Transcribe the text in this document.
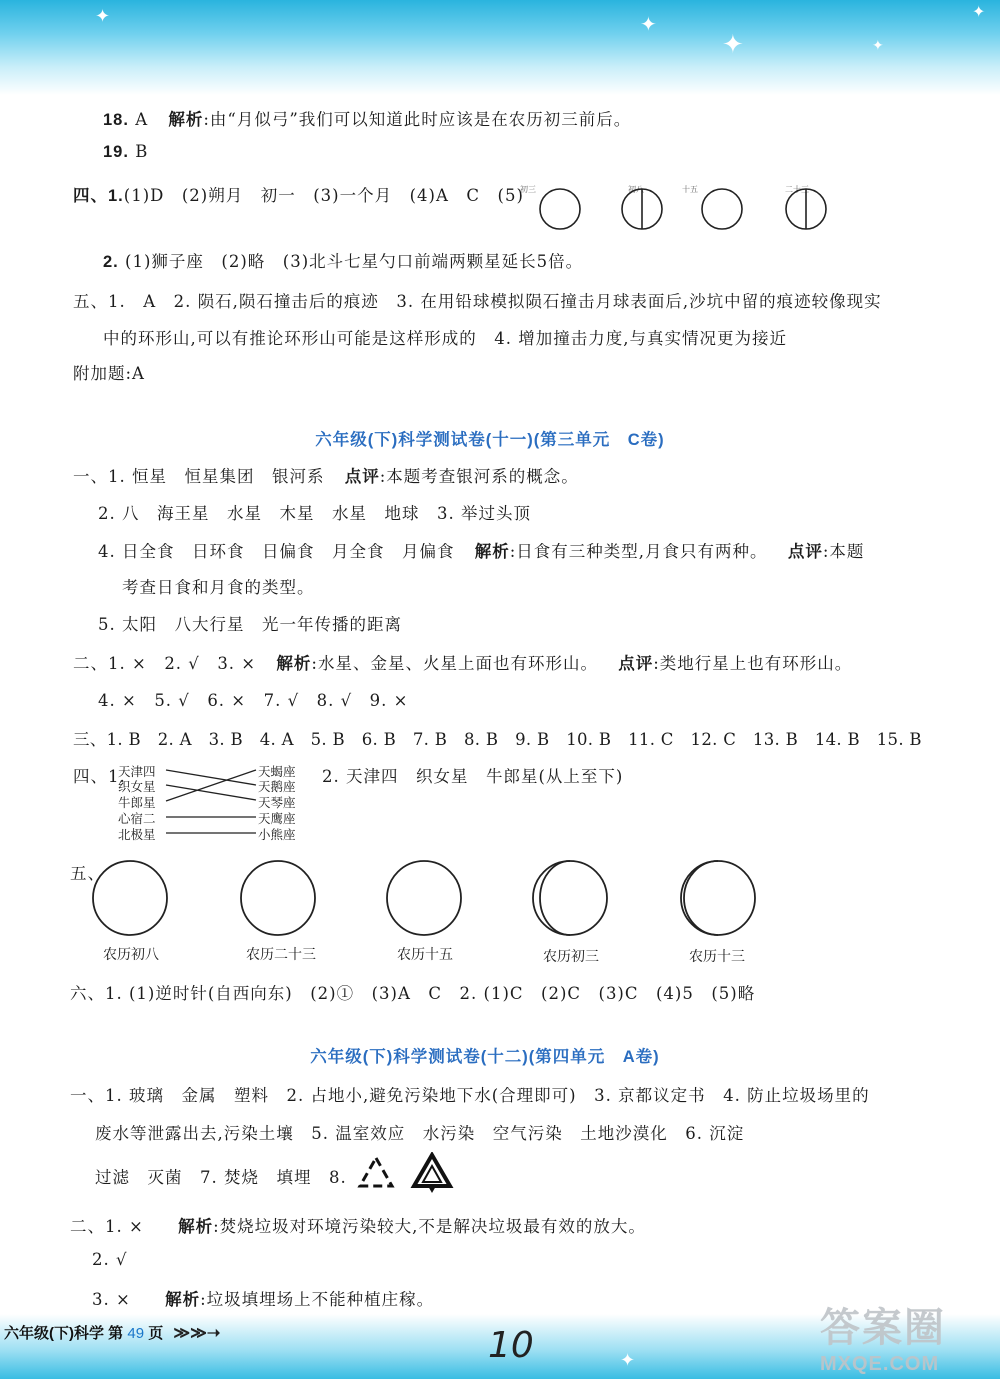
✦	✦
✦
✦
✦
✦
18. A 解析:由“月似弓”我们可以知道此时应该是在农历初三前后。
19. B
四、1.(1)D　(2)朔月　初一　(3)一个月　(4)A　C　(5)
初三	初八	十五	二十三
2. (1)狮子座　(2)略　(3)北斗七星勺口前端两颗星延长5倍。
五、1.　A　2. 陨石,陨石撞击后的痕迹　3. 在用铅球模拟陨石撞击月球表面后,沙坑中留的痕迹较像现实
中的环形山,可以有推论环形山可能是这样形成的　4. 增加撞击力度,与真实情况更为接近
附加题:A
六年级(下)科学测试卷(十一)(第三单元　C卷)
一、1. 恒星　恒星集团　银河系 点评:本题考查银河系的概念。
2. 八　海王星　水星　木星　水星　地球　3. 举过头顶
4. 日全食　日环食　日偏食　月全食　月偏食 解析:日食有三种类型,月食只有两种。 点评:本题
考查日食和月食的类型。
5. 太阳　八大行星　光一年传播的距离
二、1. ×　2. √　3. × 解析:水星、金星、火星上面也有环形山。 点评:类地行星上也有环形山。
4. ×　5. √　6. ×　7. √　8. √　9. ×
三、1. B　2. A　3. B　4. A　5. B　6. B　7. B　8. B　9. B　10. B　11. C　12. C　13. B　14. B　15. B
四、1.
天津四
织女星
牛郎星
心宿二
北极星
天蝎座
天鹅座
天琴座
天鹰座
小熊座
2. 天津四　织女星　牛郎星(从上至下)
五、
农历初八	农历二十三	农历十五	农历初三	农历十三
六、1. (1)逆时针(自西向东)　(2)①　(3)A　C　2. (1)C　(2)C　(3)C　(4)5　(5)略
六年级(下)科学测试卷(十二)(第四单元　A卷)
一、1. 玻璃　金属　塑料　2. 占地小,避免污染地下水(合理即可)　3. 京都议定书　4. 防止垃圾场里的
废水等泄露出去,污染土壤　5. 温室效应　水污染　空气污染　土地沙漠化　6. 沉淀
过滤　灭菌　7. 焚烧　填埋　8.
二、1. × 解析:焚烧垃圾对环境污染较大,不是解决垃圾最有效的放大。
2. √
3. × 解析:垃圾填埋场上不能种植庄稼。
六年级(下)科学 第 49 页 ≫≫➝	10	答案圈
MXQE.COM
